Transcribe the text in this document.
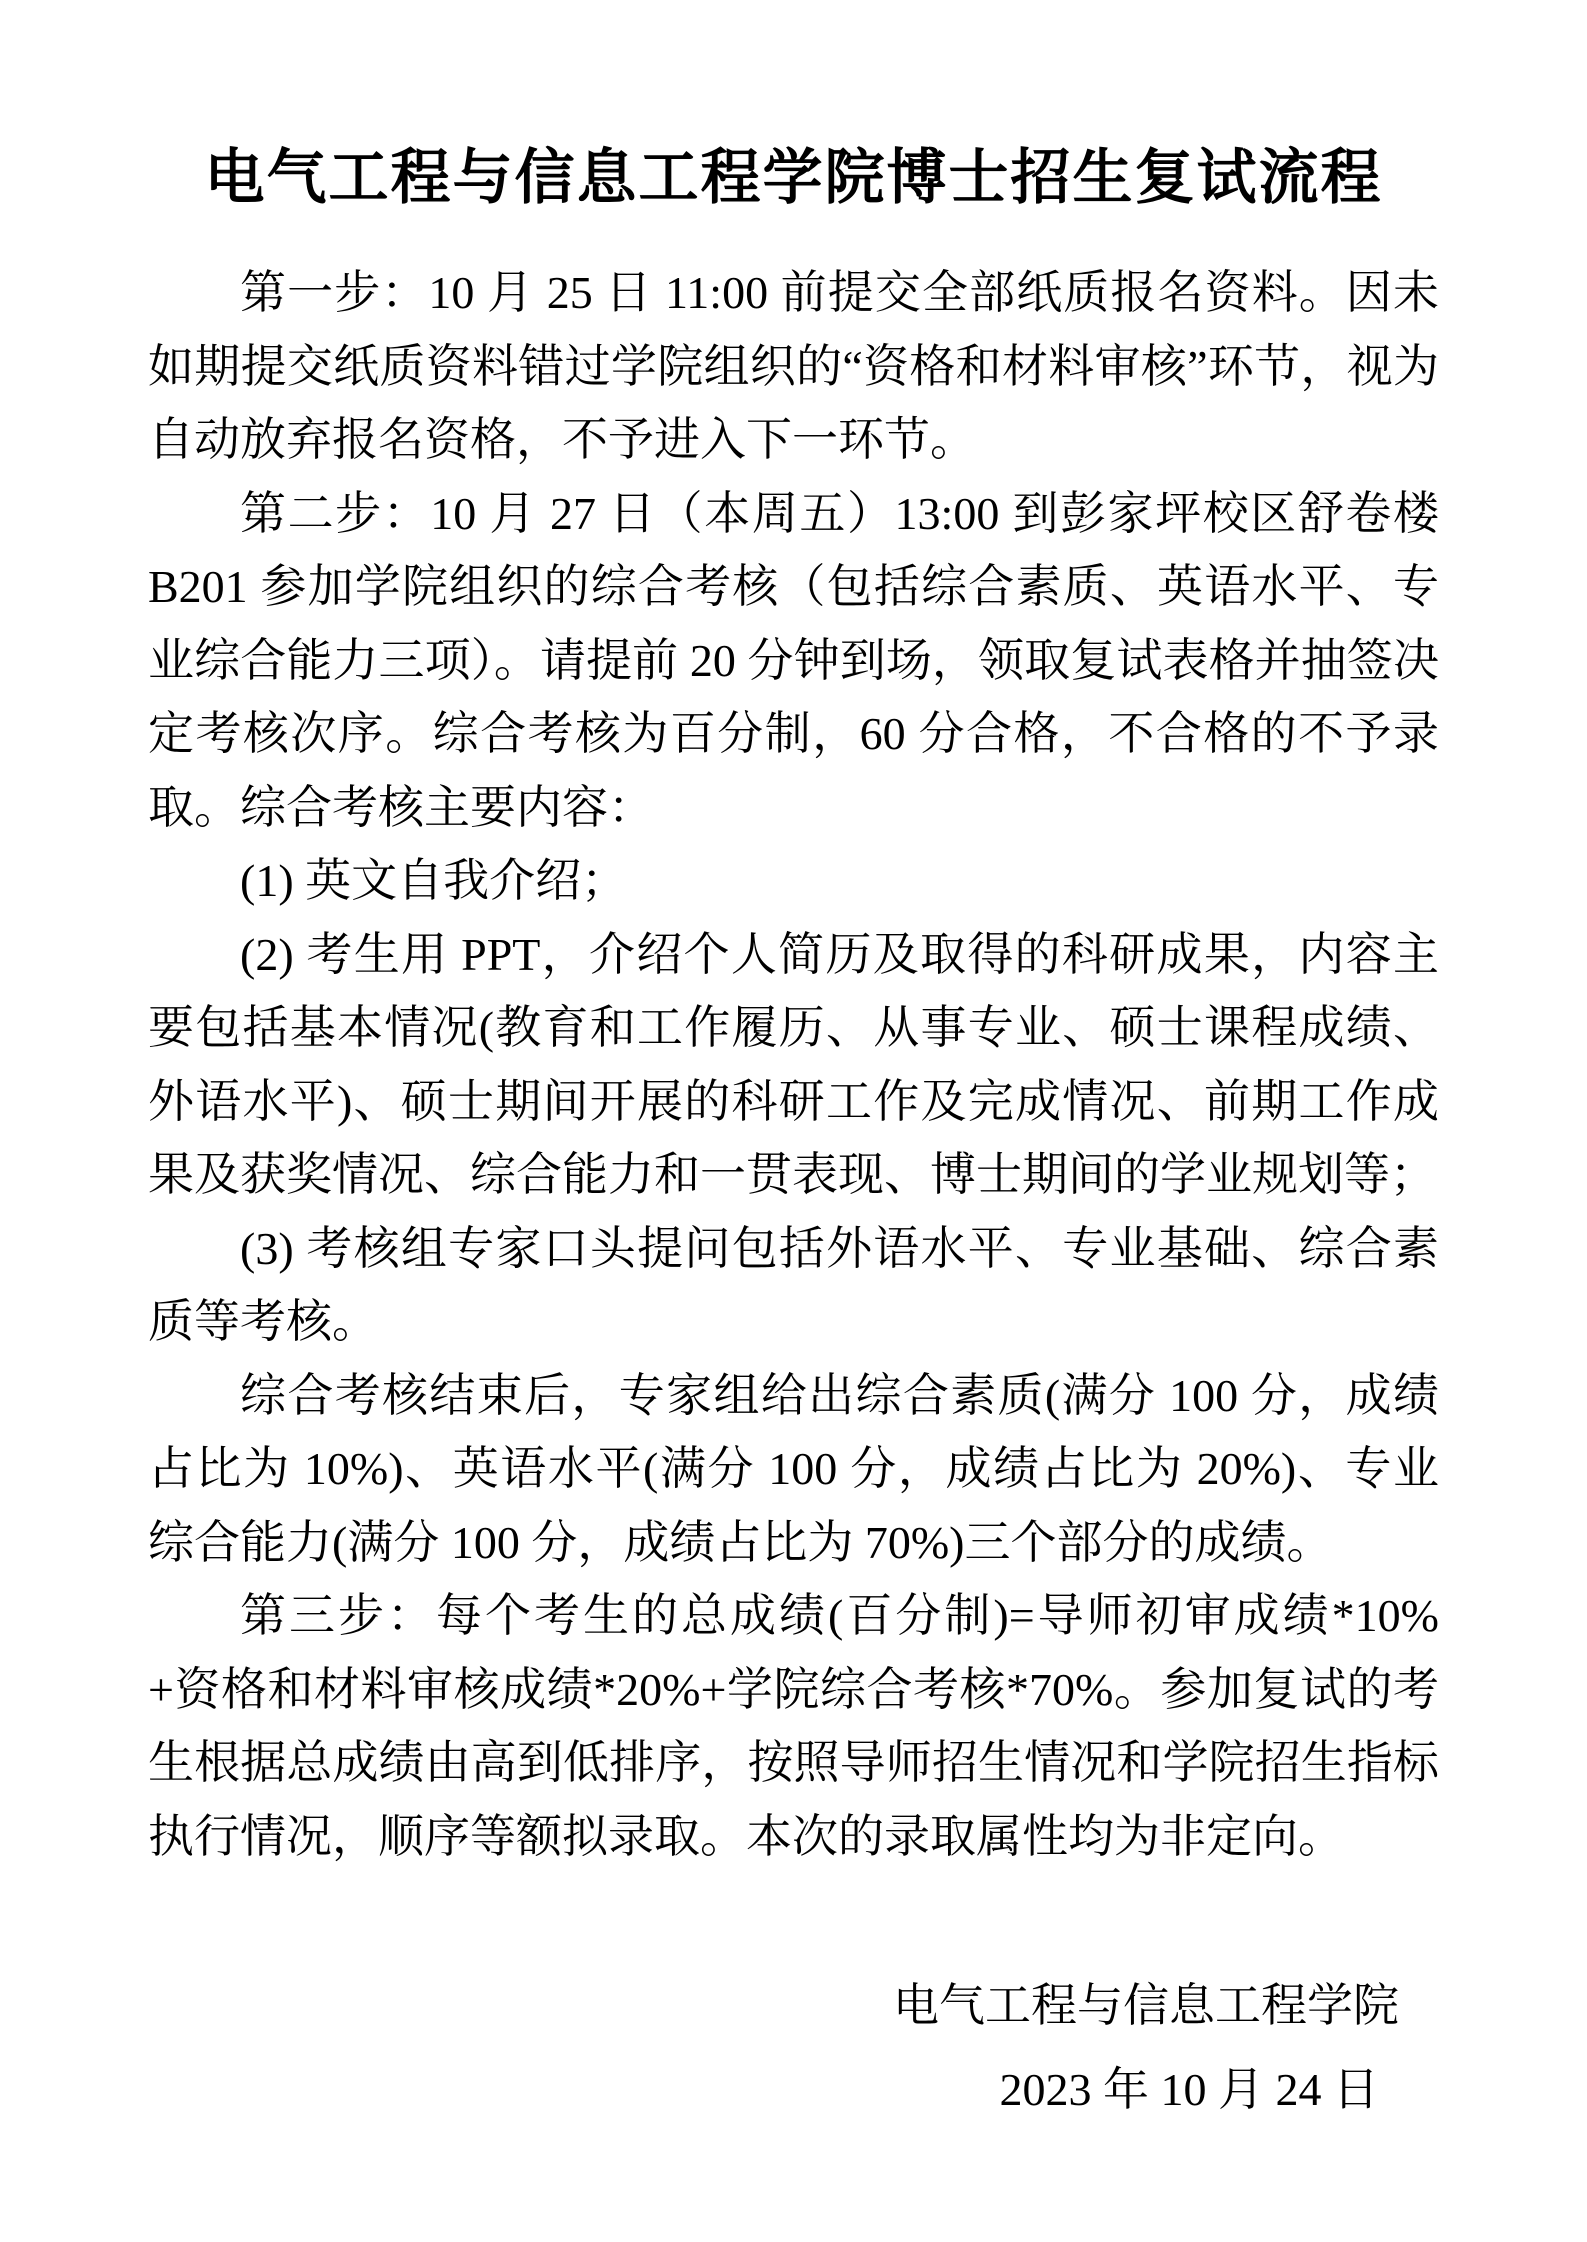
电气工程与信息工程学院博士招生复试流程

第一步：10 月 25 日 11:00 前提交全部纸质报名资料。因未如期提交纸质资料错过学院组织的“资格和材料审核”环节，视为自动放弃报名资格，不予进入下一环节。

第二步：10 月 27 日（本周五）13:00 到彭家坪校区舒卷楼 B201 参加学院组织的综合考核（包括综合素质、英语水平、专业综合能力三项）。请提前 20 分钟到场，领取复试表格并抽签决定考核次序。综合考核为百分制，60 分合格，不合格的不予录取。综合考核主要内容：

(1) 英文自我介绍；

(2) 考生用 PPT，介绍个人简历及取得的科研成果，内容主要包括基本情况(教育和工作履历、从事专业、硕士课程成绩、外语水平)、硕士期间开展的科研工作及完成情况、前期工作成果及获奖情况、综合能力和一贯表现、博士期间的学业规划等；

(3) 考核组专家口头提问包括外语水平、专业基础、综合素质等考核。

综合考核结束后，专家组给出综合素质(满分 100 分，成绩占比为 10%)、英语水平(满分 100 分，成绩占比为 20%)、专业综合能力(满分 100 分，成绩占比为 70%)三个部分的成绩。

第三步：每个考生的总成绩(百分制)=导师初审成绩*10%+资格和材料审核成绩*20%+学院综合考核*70%。参加复试的考生根据总成绩由高到低排序，按照导师招生情况和学院招生指标执行情况，顺序等额拟录取。本次的录取属性均为非定向。

电气工程与信息工程学院
2023 年 10 月 24 日
